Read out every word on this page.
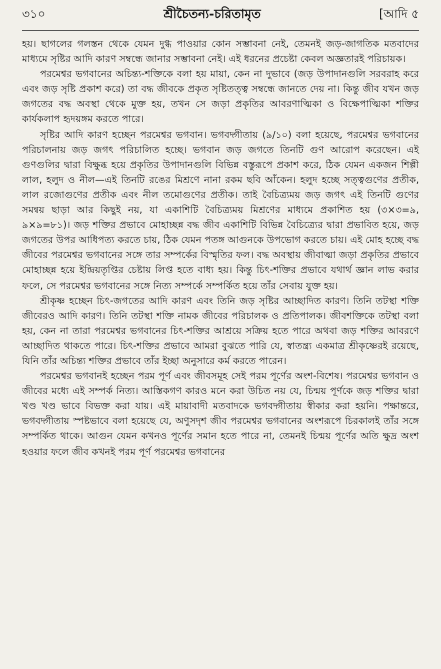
৩১০	শ্রীচৈতন্য-চরিতামৃত	[আদি ৫

হয়। ছাগলের গলস্তন থেকে যেমন দুগ্ধ পাওয়ার কোন সম্ভাবনা নেই, তেমনই জড়-জাগতিক মতবাদের মাধ্যমে সৃষ্টির আদি কারণ সম্বন্ধে জানার সম্ভাবনা নেই। এই ধরনের প্রচেষ্টা কেবল অজ্ঞতারই পরিচায়ক।

পরমেশ্বর ভগবানের অচিন্ত্য-শক্তিকে বলা হয় মায়া, কেন না দুভাবে (জড় উপাদানগুলি সরবরাহ করে এবং জড় সৃষ্টি প্রকাশ করে) তা বদ্ধ জীবকে প্রকৃত সৃষ্টিতত্ত্ব সম্বন্ধে জানতে দেয় না। কিন্তু জীব যখন জড় জগতের বদ্ধ অবস্থা থেকে মুক্ত হয়, তখন সে জড়া প্রকৃতির আবরণাত্মিকা ও বিক্ষেপাত্মিকা শক্তির কার্যকলাপ হৃদয়ঙ্গম করতে পারে।

সৃষ্টির আদি কারণ হচ্ছেন পরমেশ্বর ভগবান। ভগবদ্গীতায় (৯/১০) বলা হয়েছে, পরমেশ্বর ভগবানের পরিচালনায় জড় জগৎ পরিচালিত হচ্ছে। ভগবান জড় জগতে তিনটি গুণ আরোপ করেছেন। এই গুণগুলির দ্বারা বিক্ষুব্ধ হয়ে প্রকৃতির উপাদানগুলি বিভিন্ন বস্তুরূপে প্রকাশ করে, ঠিক যেমন একজন শিল্পী লাল, হলুদ ও নীল—এই তিনটি রঙের মিশ্রণে নানা রকম ছবি আঁকেন। হলুদ হচ্ছে সত্ত্বগুণের প্রতীক, লাল রজোগুণের প্রতীক এবং নীল তমোগুণের প্রতীক। তাই বৈচিত্র্যময় জড় জগৎ এই তিনটি গুণের সমন্বয় ছাড়া আর কিছুই নয়, যা একাশিটি বৈচিত্র্যময় মিশ্রণের মাধ্যমে প্রকাশিত হয় (৩×৩=৯, ৯×৯=৮১)। জড় শক্তির প্রভাবে মোহাচ্ছন্ন বদ্ধ জীব একাশিটি বিভিন্ন বৈচিত্র্যের দ্বারা প্রভাবিত হয়ে, জড় জগতের উপর আধিপত্য করতে চায়, ঠিক যেমন পতঙ্গ আগুনকে উপভোগ করতে চায়। এই মোহ হচ্ছে বদ্ধ জীবের পরমেশ্বর ভগবানের সঙ্গে তার সম্পর্কের বিস্মৃতির ফল। বদ্ধ অবস্থায় জীবাত্মা জড়া প্রকৃতির প্রভাবে মোহাচ্ছন্ন হয়ে ইন্দ্রিয়তৃপ্তির চেষ্টায় লিপ্ত হতে বাধ্য হয়। কিন্তু চিৎ-শক্তির প্রভাবে যথার্থ জ্ঞান লাভ করার ফলে, সে পরমেশ্বর ভগবানের সঙ্গে নিত্য সম্পর্কে সম্পর্কিত হয়ে তাঁর সেবায় যুক্ত হয়।

শ্রীকৃষ্ণ হচ্ছেন চিৎ-জগতের আদি কারণ এবং তিনি জড় সৃষ্টির আচ্ছাদিত কারণ। তিনি তটস্থা শক্তি জীবেরও আদি কারণ। তিনি তটস্থা শক্তি নামক জীবের পরিচালক ও প্রতিপালক। জীবশক্তিকে তটস্থা বলা হয়, কেন না তারা পরমেশ্বর ভগবানের চিৎ-শক্তির আশ্রয়ে সক্রিয় হতে পারে অথবা জড় শক্তির আবরণে আচ্ছাদিত থাকতে পারে। চিৎ-শক্তির প্রভাবে আমরা বুঝতে পারি যে, স্বাতন্ত্র্য একমাত্র শ্রীকৃষ্ণেরই রয়েছে, যিনি তাঁর অচিন্ত্য শক্তির প্রভাবে তাঁর ইচ্ছা অনুসারে কর্ম করতে পারেন।

পরমেশ্বর ভগবানই হচ্ছেন পরম পূর্ণ এবং জীবসমূহ সেই পরম পূর্ণের অংশ-বিশেষ। পরমেশ্বর ভগবান ও জীবের মধ্যে এই সম্পর্ক নিত্য। আস্তিকগণ কারও মনে করা উচিত নয় যে, চিন্ময় পূর্ণকে জড় শক্তির দ্বারা খণ্ড খণ্ড ভাবে বিভক্ত করা যায়। এই মায়াবাদী মতবাদকে ভগবদ্গীতায় স্বীকার করা হয়নি। পক্ষান্তরে, ভগবদ্গীতায় স্পষ্টভাবে বলা হয়েছে যে, অণুসদৃশ জীব পরমেশ্বর ভগবানের অংশরূপে চিরকালই তাঁর সঙ্গে সম্পর্কিত থাকে। আগুন যেমন কখনও পূর্ণের সমান হতে পারে না, তেমনই চিন্ময় পূর্ণের অতি ক্ষুদ্র অংশ হওয়ার ফলে জীব কখনই পরম পূর্ণ পরমেশ্বর ভগবানের
